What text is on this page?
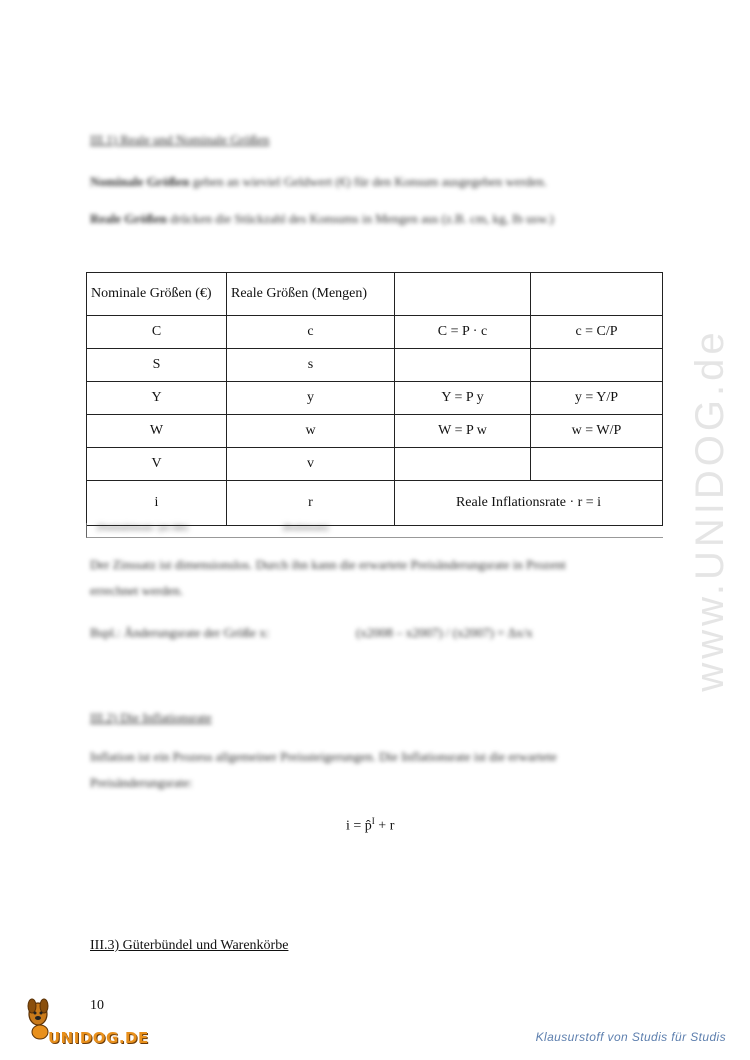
www.UNIDOG.de
III.1) Reale und Nominale Größen
Nominale Größen geben an wieviel Geldwert (€) für den Konsum ausgegeben werden.
Reale Größen drücken die Stückzahl des Konsums in Mengen aus (z.B. cm, kg, Ib usw.)
Nominale Größen (€)	Reale Größen (Mengen)		
C	c	C = P · c	c = C/P
S	s		
Y	y	Y = P y	y = Y/P
W	w	W = P w	w = W/P
V	v		
i	r	Reale Inflationsrate · r = i	
(Nominalzinssatz / pro Jahr)	(Realzinssatz)
Der Zinssatz ist dimensionslos. Durch ihn kann die erwartete Preisänderungsrate in Prozent
errechnet werden.
Bspl.: Änderungsrate der Größe x:	(x2008 – x2007) / (x2007) = Δx/x
III.2) Die Inflationsrate
Inflation ist ein Prozess allgemeiner Preissteigerungen. Die Inflationsrate ist die erwartete
Preisänderungsrate:
i = p̂$^I$ + r
III.3) Güterbündel und Warenkörbe
10
UNIDOG.DE	Klausurstoff von Studis für Studis
